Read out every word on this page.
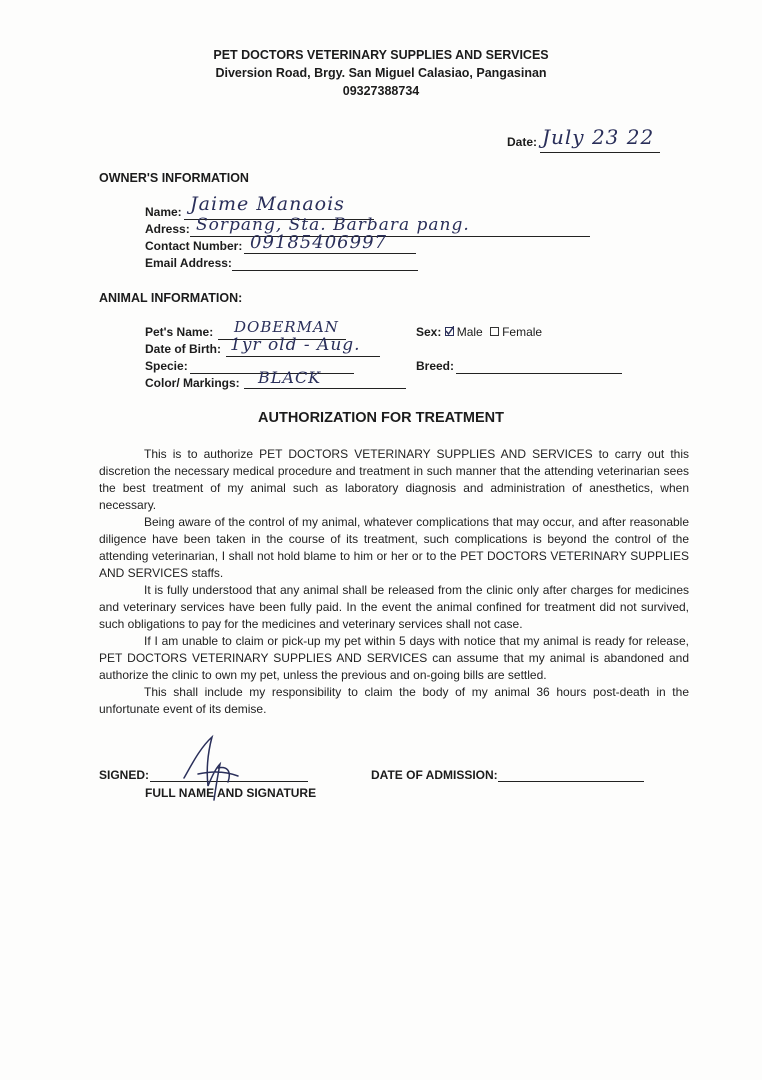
PET DOCTORS VETERINARY SUPPLIES AND SERVICES
Diversion Road, Brgy. San Miguel Calasiao, Pangasinan
09327388734
Date: July 23 22
OWNER'S INFORMATION
Name: Jaime Manaois
Adress: Sorpang, Sta. Barbara pang.
Contact Number: 09185406997
Email Address:
ANIMAL INFORMATION:
Pet's Name: DOBERMAN
Date of Birth: 1yr old - Aug.
Specie:
Color/ Markings: BLACK
Sex: Male Female
Breed:
AUTHORIZATION FOR TREATMENT

This is to authorize PET DOCTORS VETERINARY SUPPLIES AND SERVICES to carry out this discretion the necessary medical procedure and treatment in such manner that the attending veterinarian sees the best treatment of my animal such as laboratory diagnosis and administration of anesthetics, when necessary.

Being aware of the control of my animal, whatever complications that may occur, and after reasonable diligence have been taken in the course of its treatment, such complications is beyond the control of the attending veterinarian, I shall not hold blame to him or her or to the PET DOCTORS VETERINARY SUPPLIES AND SERVICES staffs.

It is fully understood that any animal shall be released from the clinic only after charges for medicines and veterinary services have been fully paid. In the event the animal confined for treatment did not survived, such obligations to pay for the medicines and veterinary services shall not case.

If I am unable to claim or pick-up my pet within 5 days with notice that my animal is ready for release, PET DOCTORS VETERINARY SUPPLIES AND SERVICES can assume that my animal is abandoned and authorize the clinic to own my pet, unless the previous and on-going bills are settled.

This shall include my responsibility to claim the body of my animal 36 hours post-death in the unfortunate event of its demise.

SIGNED:
FULL NAME AND SIGNATURE
DATE OF ADMISSION:
